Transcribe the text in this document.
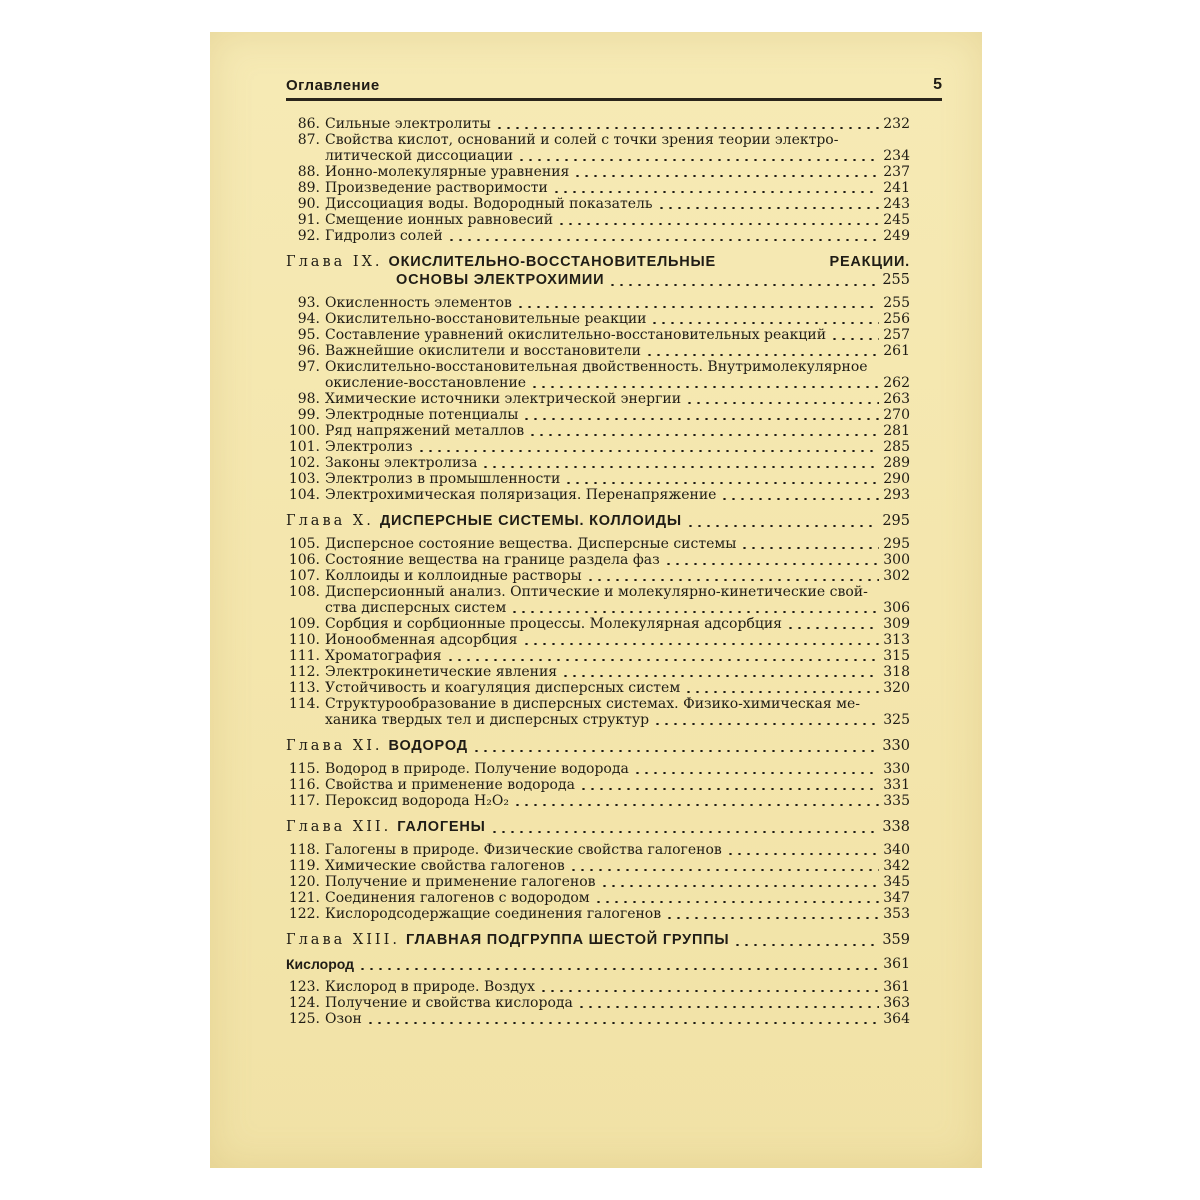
Оглавление	5
86. Сильные электролиты	232
87. Свойства кислот, оснований и солей с точки зрения теории электро-
литической диссоциации	234
88. Ионно-молекулярные уравнения	237
89. Произведение растворимости	241
90. Диссоциация воды. Водородный показатель	243
91. Смещение ионных равновесий	245
92. Гидролиз солей	249
Глава IX. ОКИСЛИТЕЛЬНО-ВОССТАНОВИТЕЛЬНЫЕ	РЕАКЦИИ.
ОСНОВЫ ЭЛЕКТРОХИМИИ	255
93. Окисленность элементов	255
94. Окислительно-восстановительные реакции	256
95. Составление уравнений окислительно-восстановительных реакций	257
96. Важнейшие окислители и восстановители	261
97. Окислительно-восстановительная двойственность. Внутримолекулярное
окисление-восстановление	262
98. Химические источники электрической энергии	263
99. Электродные потенциалы	270
100. Ряд напряжений металлов	281
101. Электролиз	285
102. Законы электролиза	289
103. Электролиз в промышленности	290
104. Электрохимическая поляризация. Перенапряжение	293
Глава X. ДИСПЕРСНЫЕ СИСТЕМЫ. КОЛЛОИДЫ	295
105. Дисперсное состояние вещества. Дисперсные системы	295
106. Состояние вещества на границе раздела фаз	300
107. Коллоиды и коллоидные растворы	302
108. Дисперсионный анализ. Оптические и молекулярно-кинетические свой-
ства дисперсных систем	306
109. Сорбция и сорбционные процессы. Молекулярная адсорбция	309
110. Ионообменная адсорбция	313
111. Хроматография	315
112. Электрокинетические явления	318
113. Устойчивость и коагуляция дисперсных систем	320
114. Структурообразование в дисперсных системах. Физико-химическая ме-
ханика твердых тел и дисперсных структур	325
Глава XI. ВОДОРОД	330
115. Водород в природе. Получение водорода	330
116. Свойства и применение водорода	331
117. Пероксид водорода H₂O₂	335
Глава XII. ГАЛОГЕНЫ	338
118. Галогены в природе. Физические свойства галогенов	340
119. Химические свойства галогенов	342
120. Получение и применение галогенов	345
121. Соединения галогенов с водородом	347
122. Кислородсодержащие соединения галогенов	353
Глава XIII. ГЛАВНАЯ ПОДГРУППА ШЕСТОЙ ГРУППЫ	359
Кислород	361
123. Кислород в природе. Воздух	361
124. Получение и свойства кислорода	363
125. Озон	364
